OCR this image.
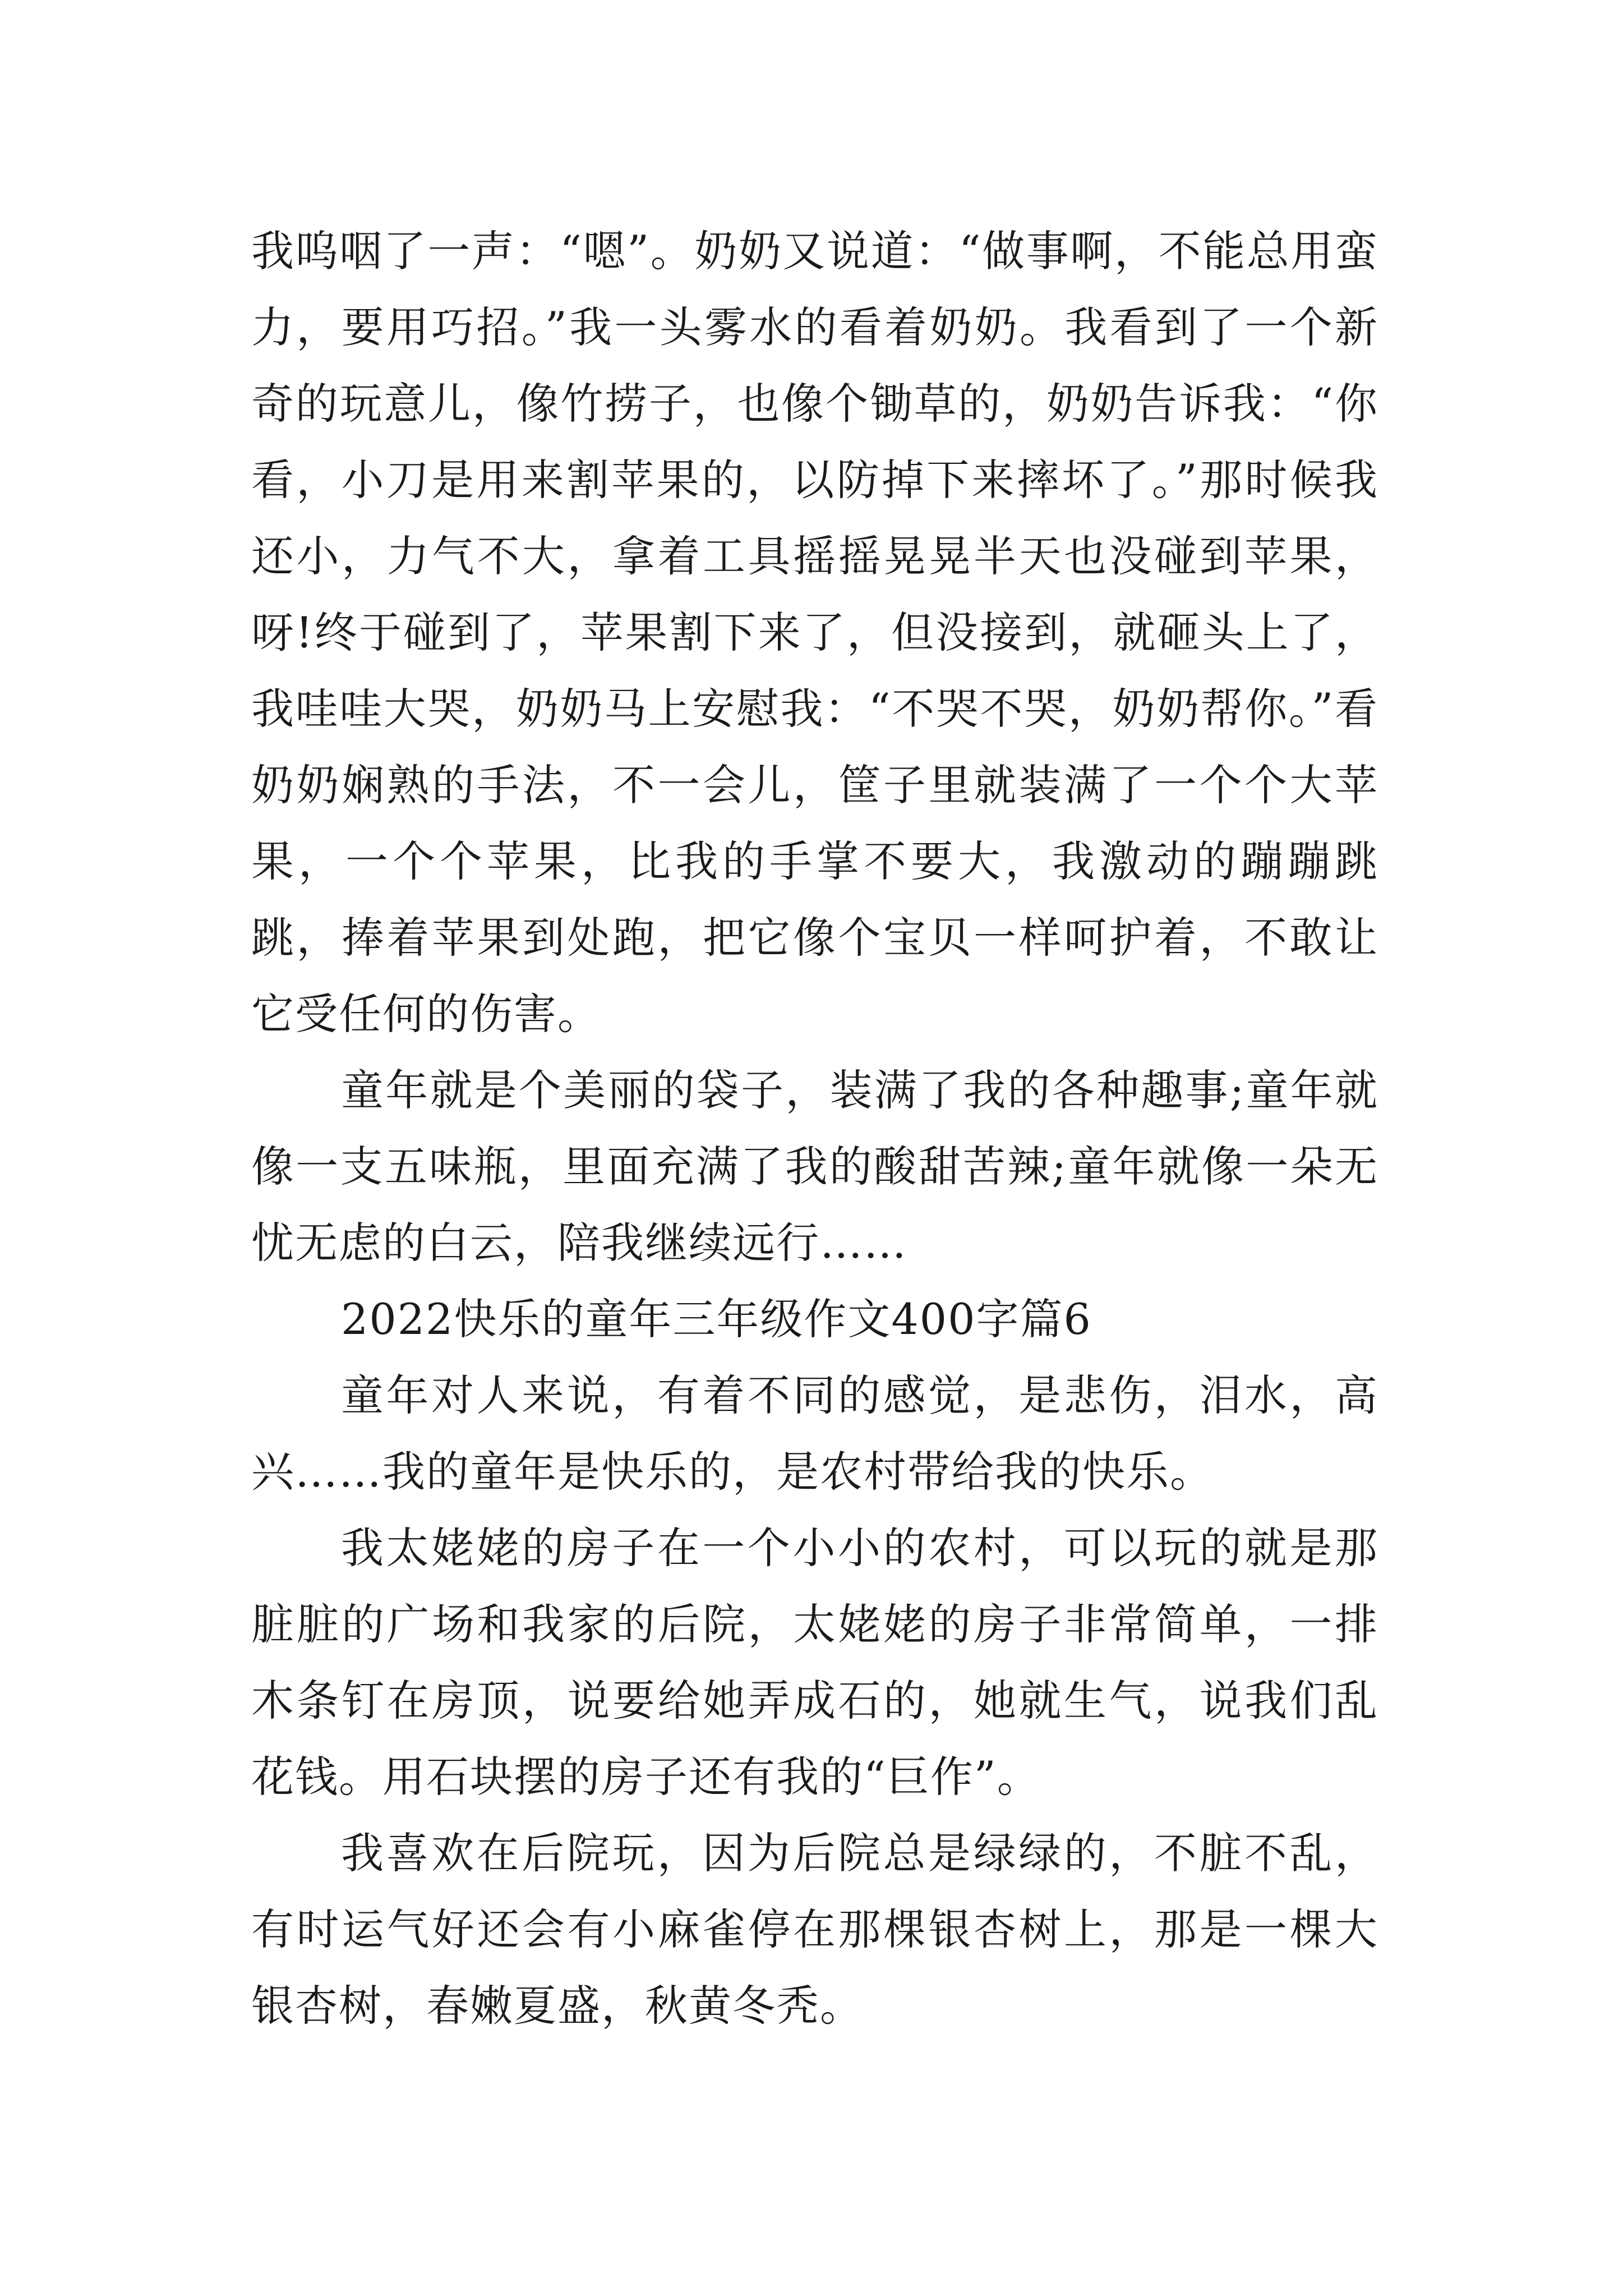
我呜咽了一声：“嗯”。奶奶又说道：“做事啊，不能总用蛮力，要用巧招。”我一头雾水的看着奶奶。我看到了一个新奇的玩意儿，像竹捞子，也像个锄草的，奶奶告诉我：“你看，小刀是用来割苹果的，以防掉下来摔坏了。”那时候我还小，力气不大，拿着工具摇摇晃晃半天也没碰到苹果，呀!终于碰到了，苹果割下来了，但没接到，就砸头上了，我哇哇大哭，奶奶马上安慰我：“不哭不哭，奶奶帮你。”看奶奶娴熟的手法，不一会儿，筐子里就装满了一个个大苹果，一个个苹果，比我的手掌不要大，我激动的蹦蹦跳跳，捧着苹果到处跑，把它像个宝贝一样呵护着，不敢让它受任何的伤害。

童年就是个美丽的袋子，装满了我的各种趣事;童年就像一支五味瓶，里面充满了我的酸甜苦辣;童年就像一朵无忧无虑的白云，陪我继续远行……

2022快乐的童年三年级作文400字篇6

童年对人来说，有着不同的感觉，是悲伤，泪水，高兴……我的童年是快乐的，是农村带给我的快乐。

我太姥姥的房子在一个小小的农村，可以玩的就是那脏脏的广场和我家的后院，太姥姥的房子非常简单，一排木条钉在房顶，说要给她弄成石的，她就生气，说我们乱花钱。用石块摆的房子还有我的“巨作”。

我喜欢在后院玩，因为后院总是绿绿的，不脏不乱，有时运气好还会有小麻雀停在那棵银杏树上，那是一棵大银杏树，春嫩夏盛，秋黄冬秃。
